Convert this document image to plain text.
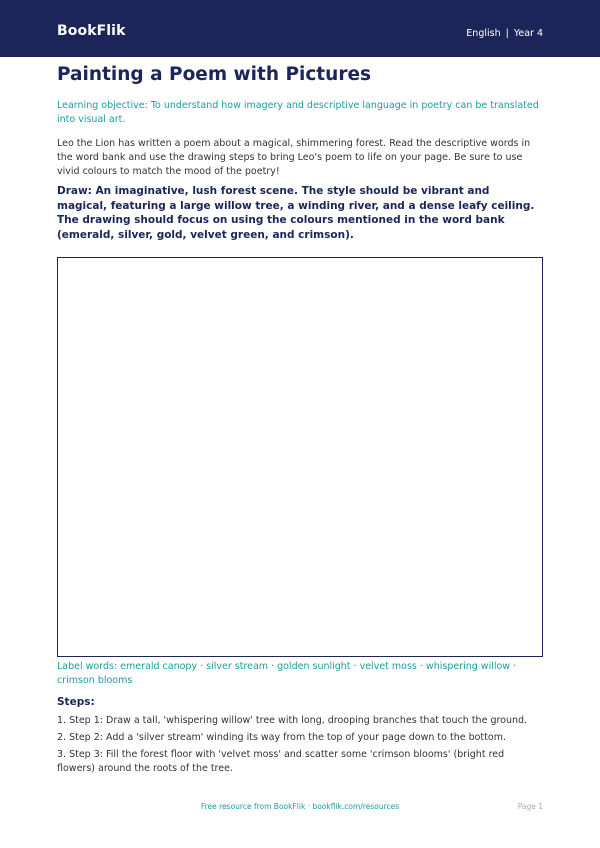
BookFlik	English | Year 4
Painting a Poem with Pictures

Learning objective: To understand how imagery and descriptive language in poetry can be translated into visual art.

Leo the Lion has written a poem about a magical, shimmering forest. Read the descriptive words in the word bank and use the drawing steps to bring Leo's poem to life on your page. Be sure to use vivid colours to match the mood of the poetry!

Draw: An imaginative, lush forest scene. The style should be vibrant and magical, featuring a large willow tree, a winding river, and a dense leafy ceiling. The drawing should focus on using the colours mentioned in the word bank (emerald, silver, gold, velvet green, and crimson).

Label words: emerald canopy · silver stream · golden sunlight · velvet moss · whispering willow · crimson blooms

Steps:
1. Step 1: Draw a tall, 'whispering willow' tree with long, drooping branches that touch the ground.
2. Step 2: Add a 'silver stream' winding its way from the top of your page down to the bottom.
3. Step 3: Fill the forest floor with 'velvet moss' and scatter some 'crimson blooms' (bright red flowers) around the roots of the tree.
Free resource from BookFlik · bookflik.com/resources	Page 1
